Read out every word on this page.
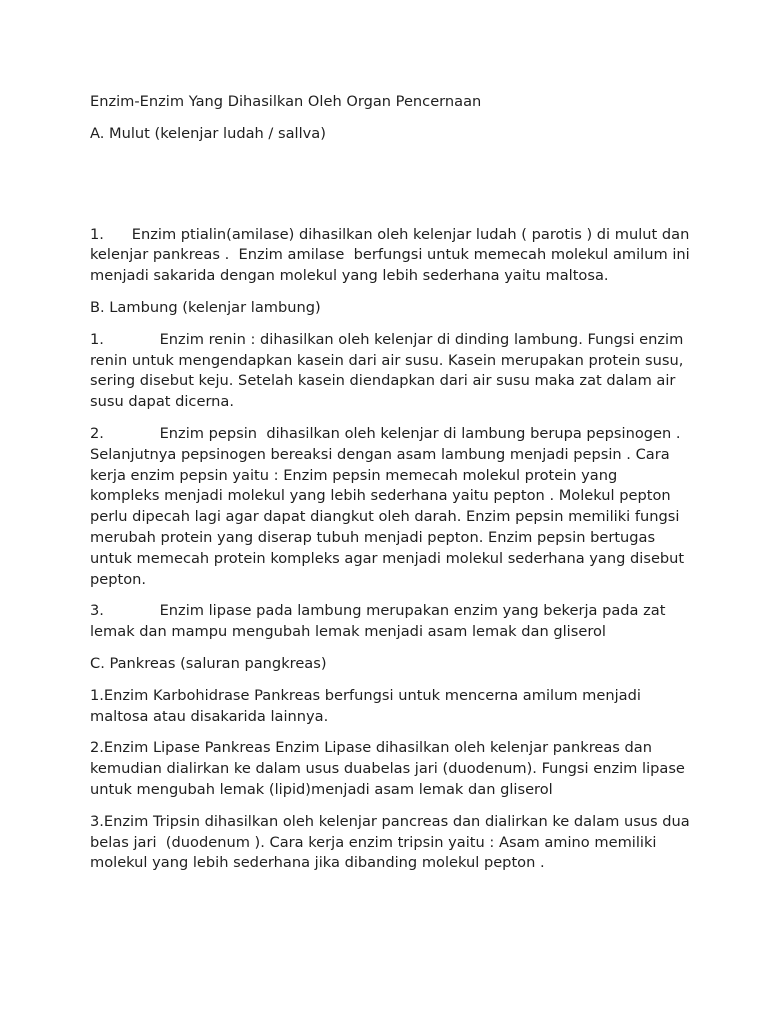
Enzim-Enzim Yang Dihasilkan Oleh Organ Pencernaan

A. Mulut (kelenjar ludah / sallva)

1.      Enzim ptialin(amilase) dihasilkan oleh kelenjar ludah ( parotis ) di mulut dan kelenjar pankreas .  Enzim amilase  berfungsi untuk memecah molekul amilum ini menjadi sakarida dengan molekul yang lebih sederhana yaitu maltosa.

B. Lambung (kelenjar lambung)

1.            Enzim renin : dihasilkan oleh kelenjar di dinding lambung. Fungsi enzim renin untuk mengendapkan kasein dari air susu. Kasein merupakan protein susu, sering disebut keju. Setelah kasein diendapkan dari air susu maka zat dalam air susu dapat dicerna.

2.            Enzim pepsin  dihasilkan oleh kelenjar di lambung berupa pepsinogen . Selanjutnya pepsinogen bereaksi dengan asam lambung menjadi pepsin . Cara kerja enzim pepsin yaitu : Enzim pepsin memecah molekul protein yang kompleks menjadi molekul yang lebih sederhana yaitu pepton . Molekul pepton perlu dipecah lagi agar dapat diangkut oleh darah. Enzim pepsin memiliki fungsi merubah protein yang diserap tubuh menjadi pepton. Enzim pepsin bertugas untuk memecah protein kompleks agar menjadi molekul sederhana yang disebut pepton.

3.            Enzim lipase pada lambung merupakan enzim yang bekerja pada zat lemak dan mampu mengubah lemak menjadi asam lemak dan gliserol

C. Pankreas (saluran pangkreas)

1.Enzim Karbohidrase Pankreas berfungsi untuk mencerna amilum menjadi maltosa atau disakarida lainnya.

2.Enzim Lipase Pankreas Enzim Lipase dihasilkan oleh kelenjar pankreas dan kemudian dialirkan ke dalam usus duabelas jari (duodenum). Fungsi enzim lipase untuk mengubah lemak (lipid)menjadi asam lemak dan gliserol

3.Enzim Tripsin dihasilkan oleh kelenjar pancreas dan dialirkan ke dalam usus dua belas jari  (duodenum ). Cara kerja enzim tripsin yaitu : Asam amino memiliki molekul yang lebih sederhana jika dibanding molekul pepton .
